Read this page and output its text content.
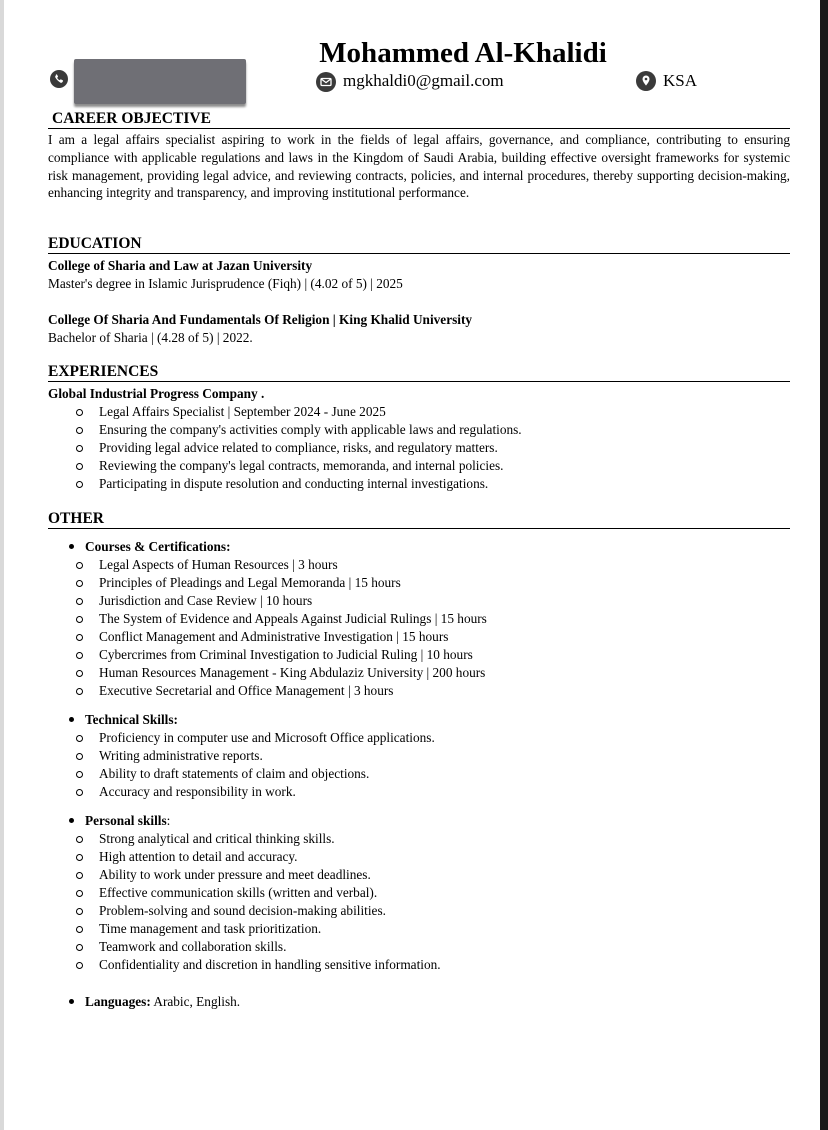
Mohammed Al-Khalidi
mgkhaldi0@gmail.com	KSA
CAREER OBJECTIVE
I am a legal affairs specialist aspiring to work in the fields of legal affairs, governance, and compliance, contributing to ensuring compliance with applicable regulations and laws in the Kingdom of Saudi Arabia, building effective oversight frameworks for systemic risk management, providing legal advice, and reviewing contracts, policies, and internal procedures, thereby supporting decision-making, enhancing integrity and transparency, and improving institutional performance.
EDUCATION
College of Sharia and Law at Jazan University
Master's degree in Islamic Jurisprudence (Fiqh) | (4.02 of 5) | 2025
College Of Sharia And Fundamentals Of Religion | King Khalid University
Bachelor of Sharia | (4.28 of 5) | 2022.
EXPERIENCES
Global Industrial Progress Company .
Legal Affairs Specialist | September 2024 - June 2025
Ensuring the company's activities comply with applicable laws and regulations.
Providing legal advice related to compliance, risks, and regulatory matters.
Reviewing the company's legal contracts, memoranda, and internal policies.
Participating in dispute resolution and conducting internal investigations.
OTHER
Courses & Certifications:
Legal Aspects of Human Resources | 3 hours
Principles of Pleadings and Legal Memoranda | 15 hours
Jurisdiction and Case Review | 10 hours
The System of Evidence and Appeals Against Judicial Rulings | 15 hours
Conflict Management and Administrative Investigation | 15 hours
Cybercrimes from Criminal Investigation to Judicial Ruling | 10 hours
Human Resources Management - King Abdulaziz University | 200 hours
Executive Secretarial and Office Management | 3 hours
Technical Skills:
Proficiency in computer use and Microsoft Office applications.
Writing administrative reports.
Ability to draft statements of claim and objections.
Accuracy and responsibility in work.
Personal skills:
Strong analytical and critical thinking skills.
High attention to detail and accuracy.
Ability to work under pressure and meet deadlines.
Effective communication skills (written and verbal).
Problem-solving and sound decision-making abilities.
Time management and task prioritization.
Teamwork and collaboration skills.
Confidentiality and discretion in handling sensitive information.
Languages: Arabic, English.
